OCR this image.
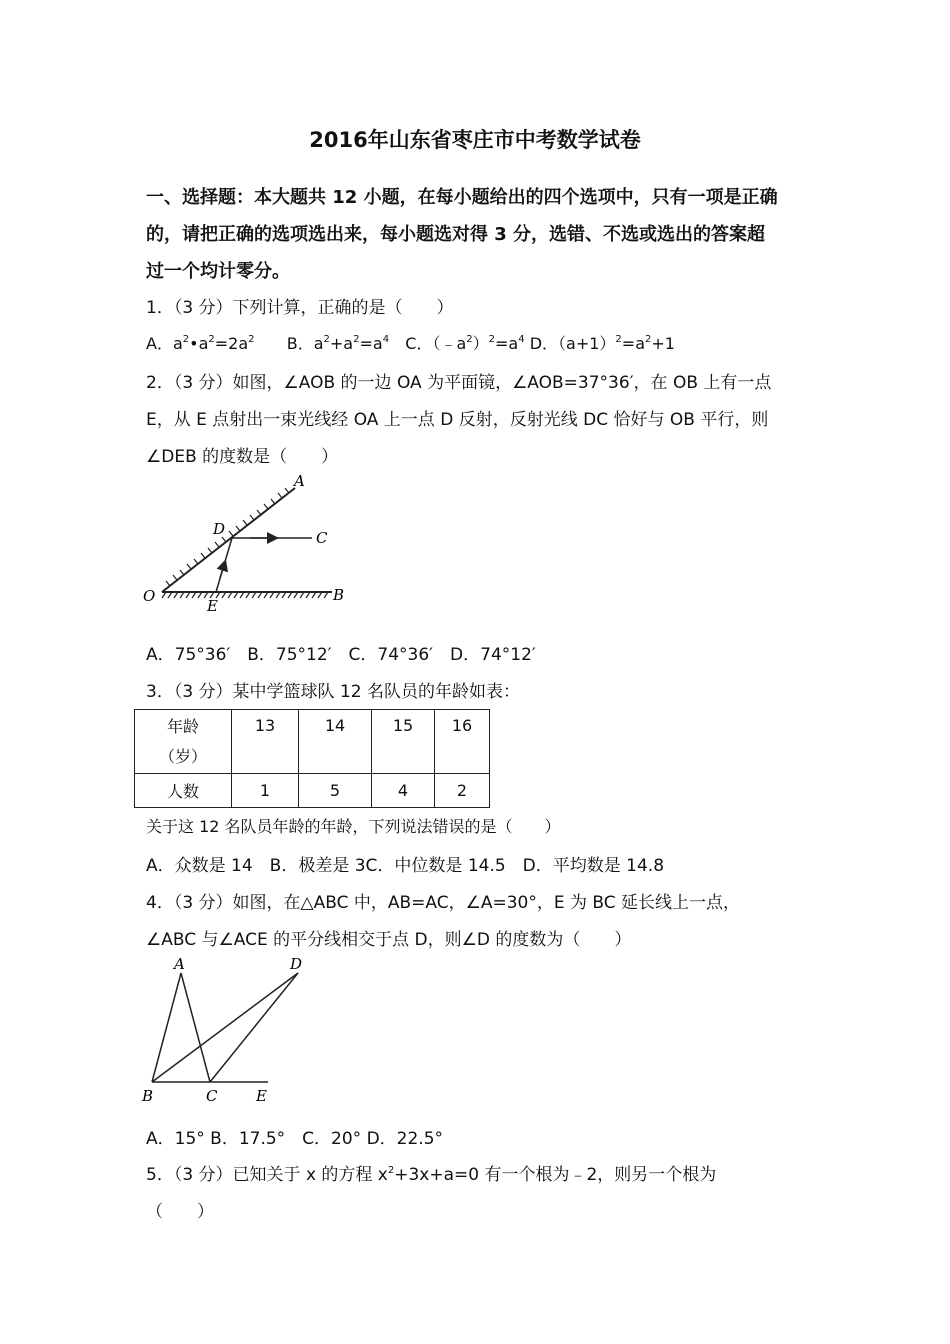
2016年山东省枣庄市中考数学试卷
一、选择题：本大题共 12 小题，在每小题给出的四个选项中，只有一项是正确
的，请把正确的选项选出来，每小题选对得 3 分，选错、不选或选出的答案超
过一个均计零分。
1．（3 分）下列计算，正确的是（　　）
A．$a^2•a^2=2a^2$ B．$a^2+a^2=a^4$ C．$(﹣a^2)^2=a^4$ D．$(a+1)^2=a^2+1$
2．（3 分）如图，∠AOB 的一边 OA 为平面镜，∠AOB=37°36′，在 OB 上有一点
E，从 E 点射出一束光线经 OA 上一点 D 反射，反射光线 DC 恰好与 OB 平行，则
∠DEB 的度数是（　　）
A
D	C
O
E
B
A．75°36′　B．75°12′　C．74°36′　D．74°12′
3．（3 分）某中学篮球队 12 名队员的年龄如表：
年龄
（岁）	13	14	15	16
人数	1	5	4	2
关于这 12 名队员年龄的年龄，下列说法错误的是（　　）
A．众数是 14　B．极差是 3C．中位数是 14.5　D．平均数是 14.8
4．（3 分）如图，在△ABC 中，AB=AC，∠A=30°，E 为 BC 延长线上一点，
∠ABC 与∠ACE 的平分线相交于点 D，则∠D 的度数为（　　）
A	D
B	C	E
A．15° B．17.5°　C．20° D．22.5°
5．（3 分）已知关于 x 的方程 $x^2+3x+a=0$ 有一个根为﹣2，则另一个根为
（　　）
